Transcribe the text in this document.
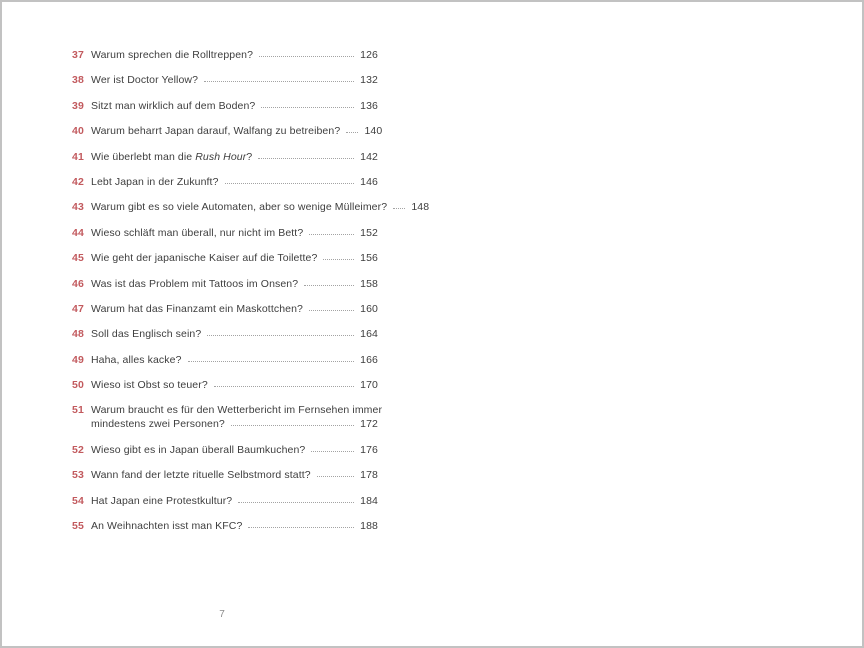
37 Warum sprechen die Rolltreppen?	126
38 Wer ist Doctor Yellow?	132
39 Sitzt man wirklich auf dem Boden?	136
40 Warum beharrt Japan darauf, Walfang zu betreiben? 140
41 Wie überlebt man die Rush Hour?	142
42 Lebt Japan in der Zukunft?	146
43 Warum gibt es so viele Automaten, aber so wenige Mülleimer? 148
44 Wieso schläft man überall, nur nicht im Bett?	152
45 Wie geht der japanische Kaiser auf die Toilette?	156
46 Was ist das Problem mit Tattoos im Onsen?	158
47 Warum hat das Finanzamt ein Maskottchen?	160
48 Soll das Englisch sein?	164
49 Haha, alles kacke?	166
50 Wieso ist Obst so teuer?	170
51 Warum braucht es für den Wetterbericht im Fernsehen immer
mindestens zwei Personen?	172
52 Wieso gibt es in Japan überall Baumkuchen?	176
53 Wann fand der letzte rituelle Selbstmord statt?	178
54 Hat Japan eine Protestkultur?	184
55 An Weihnachten isst man KFC?	188
7
